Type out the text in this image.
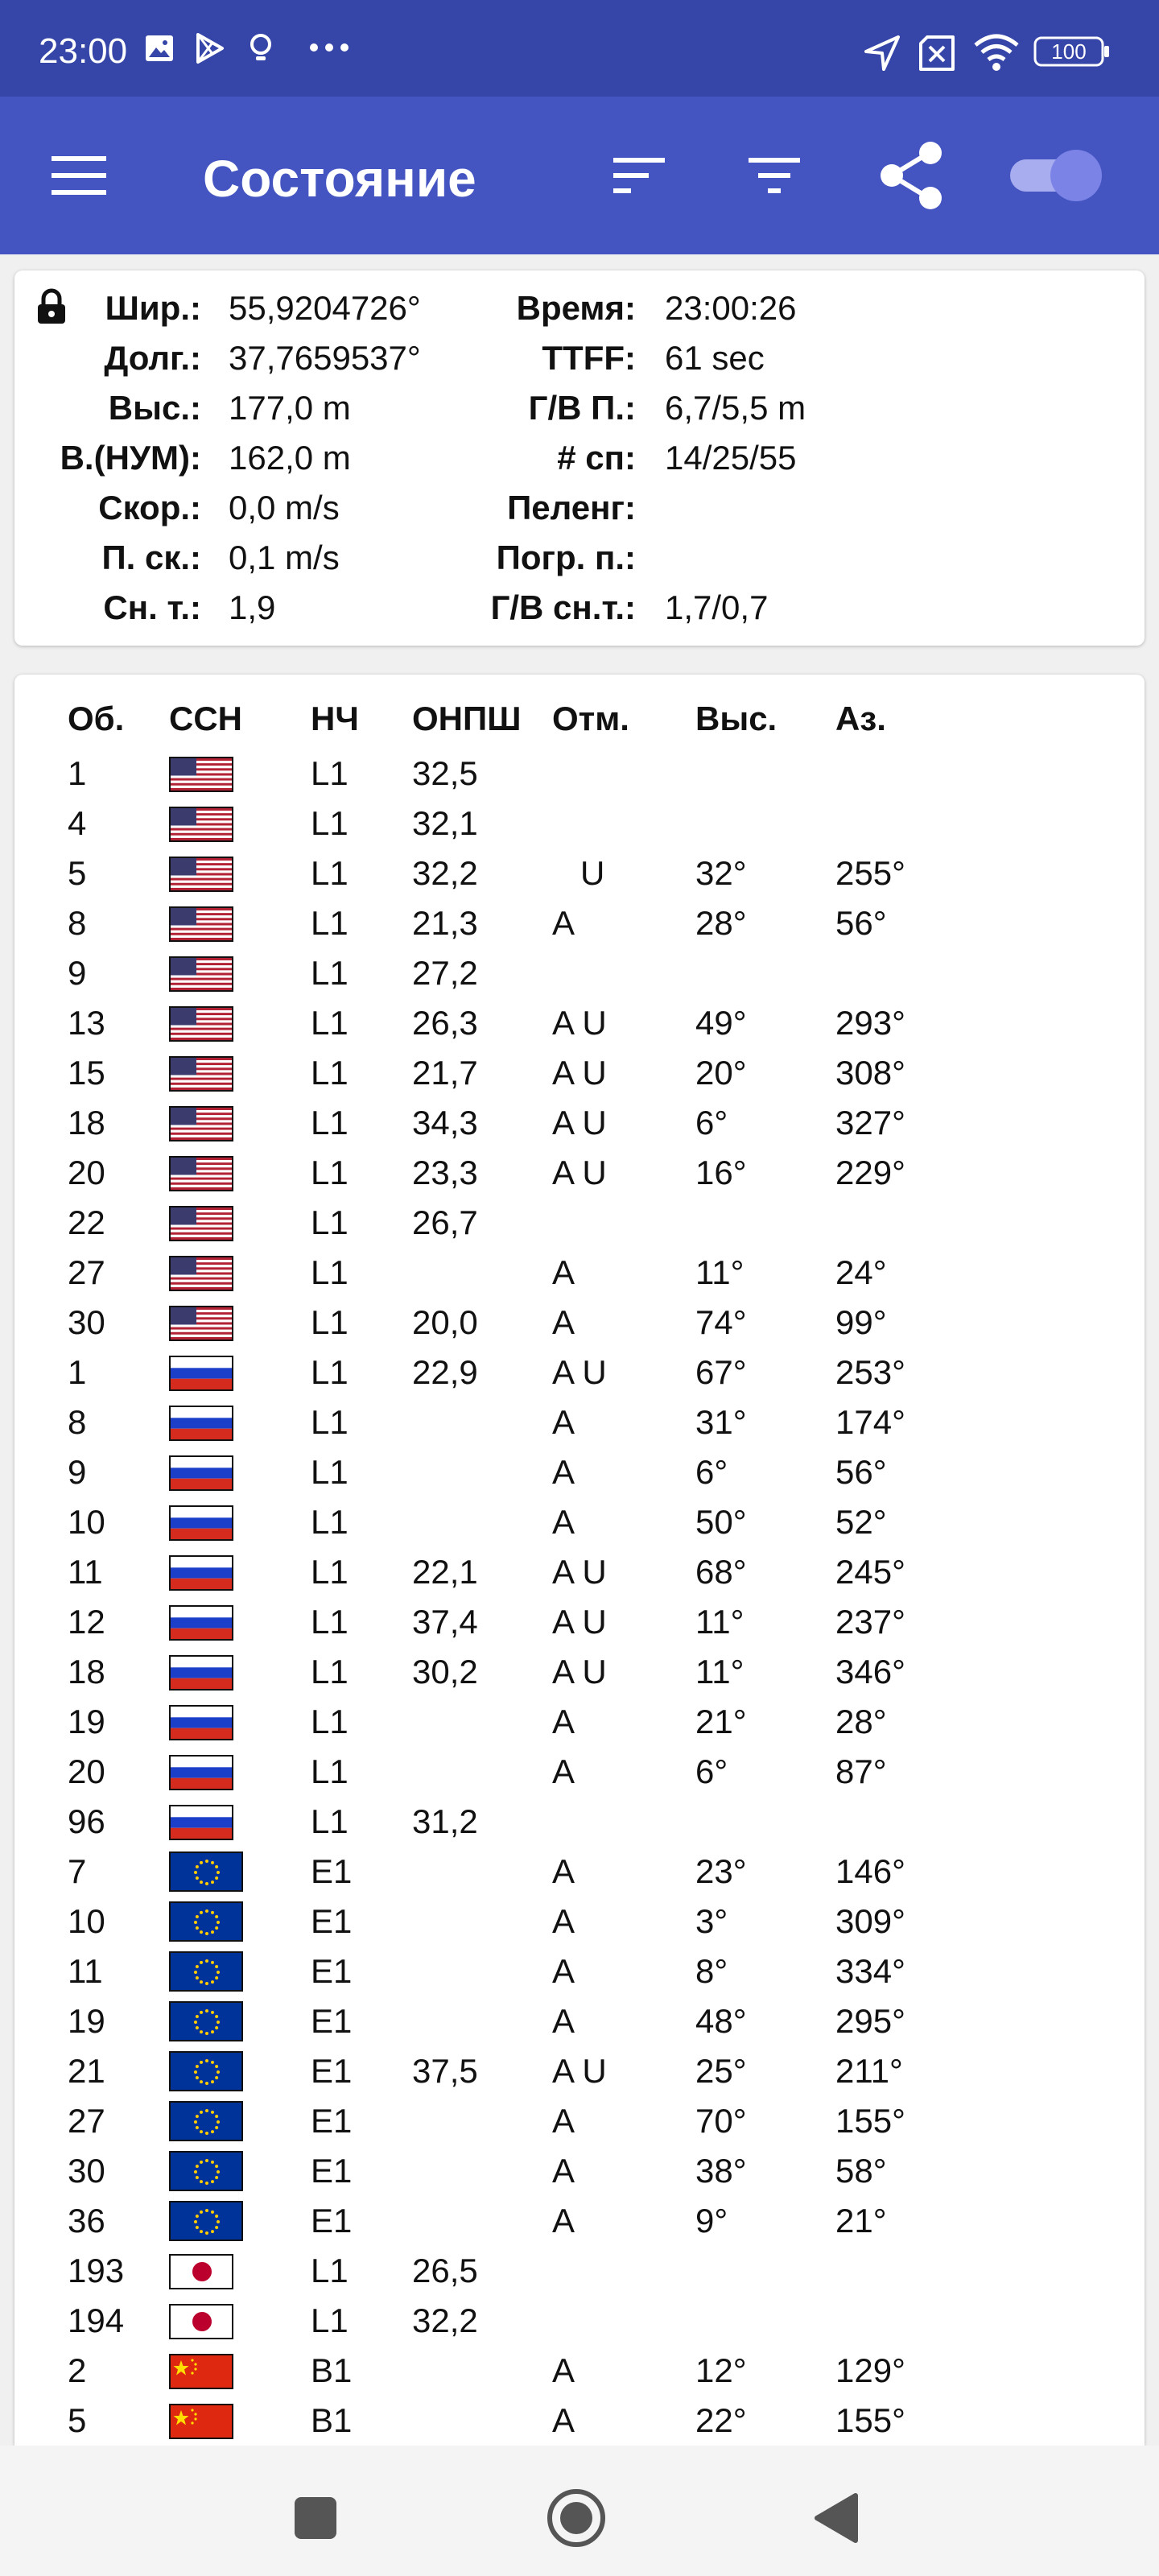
23:00	100
Состояние
Шир.: 55,9204726°
Долг.: 37,7659537°
Выс.: 177,0 m
В.(НУМ): 162,0 m
Скор.: 0,0 m/s
П. ск.: 0,1 m/s
Сн. т.: 1,9
Время: 23:00:26
TTFF: 61 sec
Г/В П.: 6,7/5,5 m
# сп: 14/25/55
Пеленг:
Погр. п.:
Г/В сн.т.: 1,7/0,7
Об. ССН НЧ ОНПШ Отм. Выс. Аз.
1	L1 32,5
4	L1 32,1
5	L1 32,2 U	32°	255°
8	L1 21,3 A	28°	56°
9	L1 27,2
13	L1 26,3 A U	49°	293°
15	L1 21,7 A U	20°	308°
18	L1 34,3 A U	6°	327°
20	L1 23,3 A U	16°	229°
22	L1 26,7
27	L1	A	11°	24°
30	L1 20,0 A	74°	99°
1	L1 22,9 A U	67°	253°
8	L1	A	31°	174°
9	L1	A	6°	56°
10	L1	A	50°	52°
11	L1 22,1 A U	68°	245°
12	L1 37,4 A U	11°	237°
18	L1 30,2 A U	11°	346°
19	L1	A	21°	28°
20	L1	A	6°	87°
96	L1 31,2
7	E1	A	23°	146°
10	E1	A	3°	309°
11	E1	A	8°	334°
19	E1	A	48°	295°
21	E1 37,5 A U	25°	211°
27	E1	A	70°	155°
30	E1	A	38°	58°
36	E1	A	9°	21°
193	L1 26,5
194	L1 32,2
2	B1	A	12°	129°
5	B1	A	22°	155°
